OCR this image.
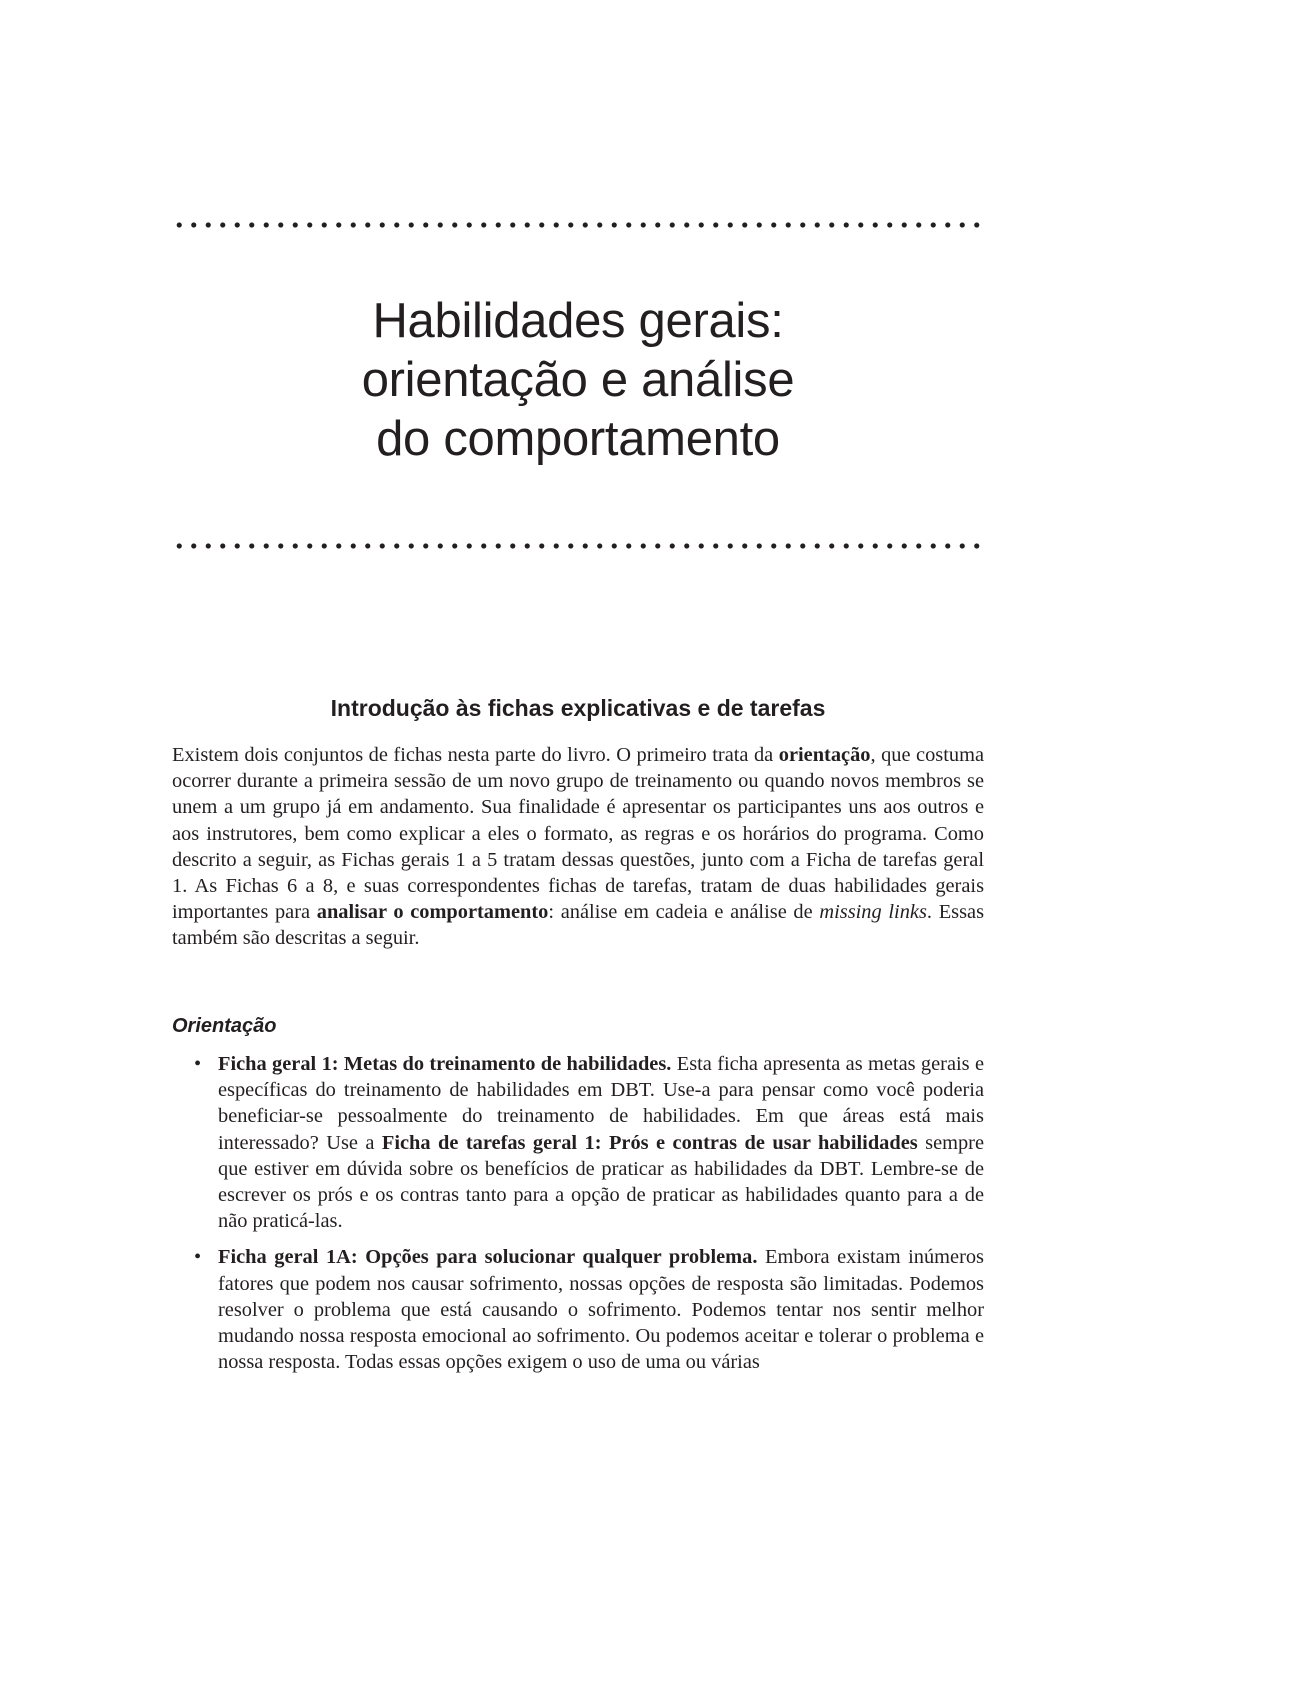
Habilidades gerais:
orientação e análise
do comportamento
Introdução às fichas explicativas e de tarefas

Existem dois conjuntos de fichas nesta parte do livro. O primeiro trata da orientação, que costuma ocorrer durante a primeira sessão de um novo grupo de treinamento ou quando novos membros se unem a um grupo já em andamento. Sua finalidade é apresentar os participantes uns aos outros e aos instrutores, bem como explicar a eles o formato, as regras e os horários do programa. Como descrito a seguir, as Fichas gerais 1 a 5 tratam dessas questões, junto com a Ficha de tarefas geral 1. As Fichas 6 a 8, e suas correspondentes fichas de tarefas, tratam de duas habilidades gerais importantes para analisar o comportamento: análise em cadeia e análise de missing links. Essas também são descritas a seguir.

Orientação
• Ficha geral 1: Metas do treinamento de habilidades. Esta ficha apresenta as metas gerais e específicas do treinamento de habilidades em DBT. Use-a para pensar como você poderia beneficiar-se pessoalmente do treinamento de habilidades. Em que áreas está mais interessado? Use a Ficha de tarefas geral 1: Prós e contras de usar habilidades sempre que estiver em dúvida sobre os benefícios de praticar as habilidades da DBT. Lembre-se de escrever os prós e os contras tanto para a opção de praticar as habilidades quanto para a de não praticá-las.

• Ficha geral 1A: Opções para solucionar qualquer problema. Embora existam inúmeros fatores que podem nos causar sofrimento, nossas opções de resposta são limitadas. Podemos resolver o problema que está causando o sofrimento. Podemos tentar nos sentir melhor mudando nossa resposta emocional ao sofrimento. Ou podemos aceitar e tolerar o problema e nossa resposta. Todas essas opções exigem o uso de uma ou várias
